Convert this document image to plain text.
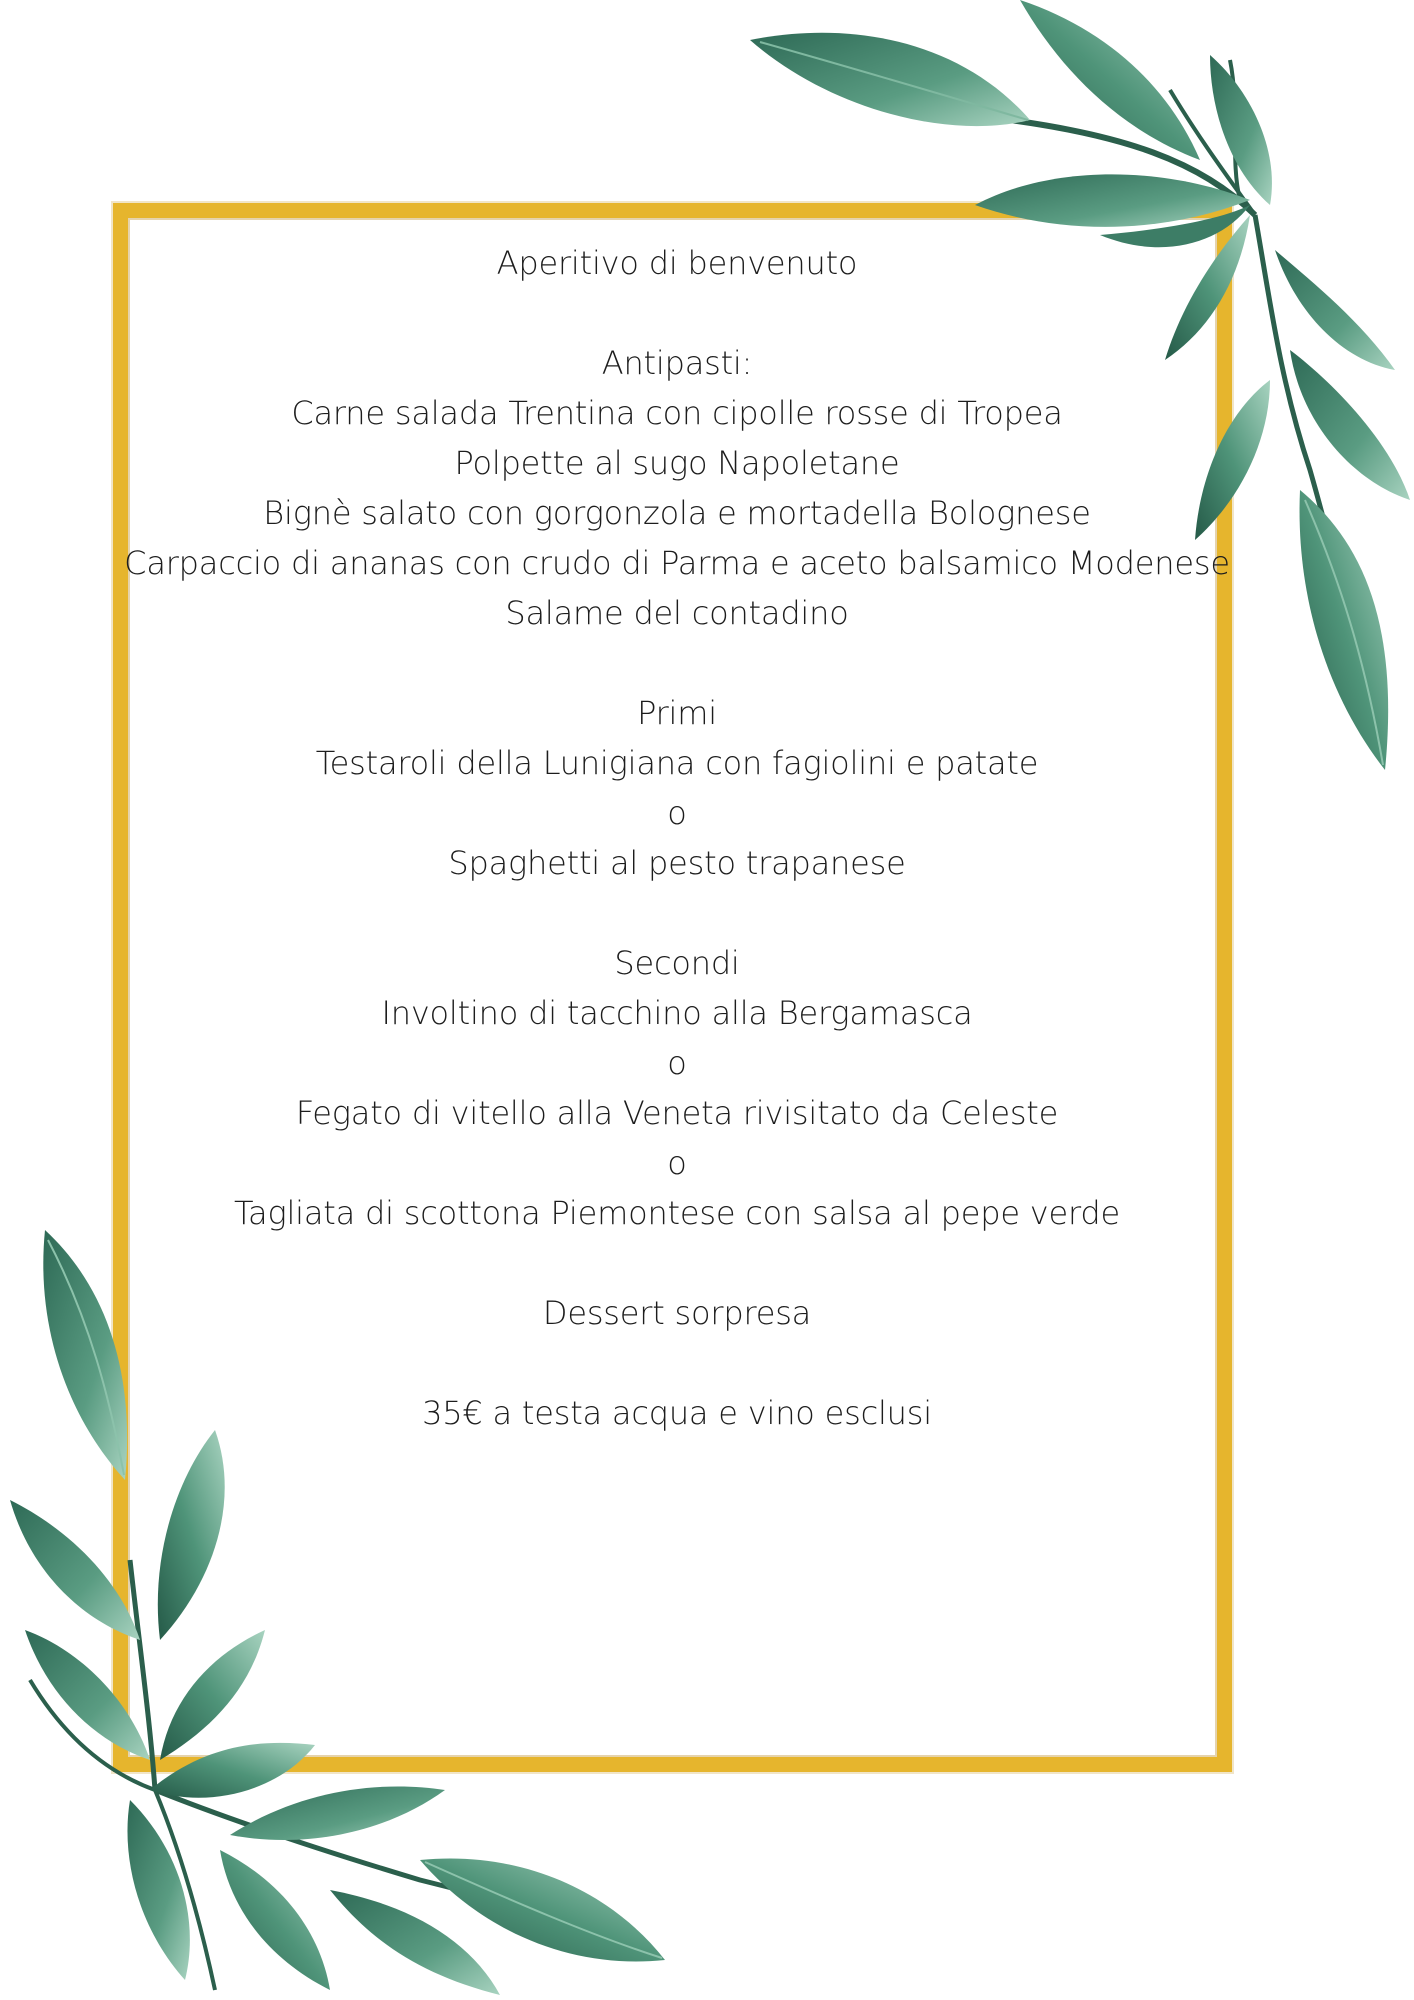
Aperitivo di benvenuto
Antipasti:
Carne salada Trentina con cipolle rosse di Tropea
Polpette al sugo Napoletane
Bignè salato con gorgonzola e mortadella Bolognese
Carpaccio di ananas con crudo di Parma e aceto balsamico Modenese
Salame del contadino
Primi
Testaroli della Lunigiana con fagiolini e patate
o
Spaghetti al pesto trapanese
Secondi
Involtino di tacchino alla Bergamasca
o
Fegato di vitello alla Veneta rivisitato da Celeste
o
Tagliata di scottona Piemontese con salsa al pepe verde
Dessert sorpresa
35€ a testa acqua e vino esclusi
